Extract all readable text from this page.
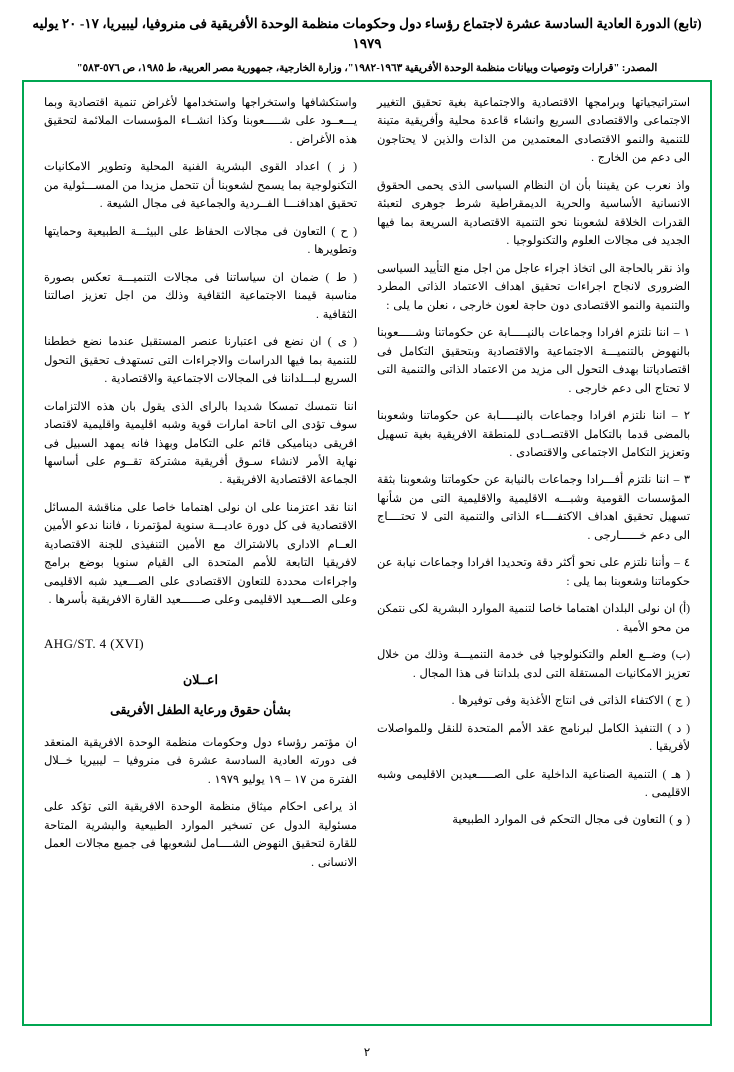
(تابع) الدورة العادية السادسة عشرة لاجتماع رؤساء دول وحكومات منظمة الوحدة الأفريقية فى منروفيا، ليبيريا، ١٧- ٢٠ يوليه ١٩٧٩
المصدر: "قرارات وتوصيات وبيانات منظمة الوحدة الأفريقية ١٩٦٣-١٩٨٢"، وزارة الخارجية، جمهورية مصر العربية، ط ١٩٨٥، ص ٥٧٦-٥٨٣"

استراتيجياتها وبرامجها الاقتصادية والاجتماعية بغية تحقيق التغيير الاجتماعى والاقتصادى السريع وانشاء قاعدة محلية وأفريقية متينة للتنمية والنمو الاقتصادى المعتمدين من الذات والذين لا يحتاجون الى دعم من الخارج .

واذ نعرب عن يقيننا بأن ان النظام السياسى الذى يحمى الحقوق الانسانية الأساسية والحرية الديمقراطية شرط جوهرى لتعبئة القدرات الخلاقة لشعوبنا نحو التنمية الاقتصادية السريعة بما فيها الجديد فى مجالات العلوم والتكنولوجيا .

واذ نقر بالحاجة الى اتخاذ اجراء عاجل من اجل منع التأييد السياسى الضرورى لانجاح اجراءات تحقيق اهداف الاعتماد الذاتى المطرد والتنمية والنمو الاقتصادى دون حاجة لعون خارجى ، نعلن ما يلى :

١ – اننا نلتزم افرادا وجماعات بالنيـــــابة عن حكوماتنا وشـــــعوبنا بالنهوض بالتنميـــة الاجتماعية والاقتصادية وبتحقيق التكامل فى اقتصادياتنا بهدف التحول الى مزيد من الاعتماد الذاتى والتنمية التى لا تحتاج الى دعم خارجى .

٢ – اننا نلتزم افرادا وجماعات بالنيـــــابة عن حكوماتنا وشعوبنا بالمضى قدما بالتكامل الاقتصــادى للمنطقة الافريقية بغية تسهيل وتعزيز التكامل الاجتماعى والاقتصادى .

٣ – اننا نلتزم أفـــرادا وجماعات بالنيابة عن حكوماتنا وشعوبنا بثقة المؤسسات القومية وشبـــه الاقليمية والاقليمية التى من شأنها تسهيل تحقيق اهداف الاكتفــــاء الذاتى والتنمية التى لا تحتــــاج الى دعم خــــــارجى .

٤ – وأننا نلتزم على نحو أكثر دقة وتحديدا افرادا وجماعات نيابة عن حكوماتنا وشعوبنا بما يلى :

(أ) ان نولى البلدان اهتماما خاصا لتنمية الموارد البشرية لكى نتمكن من محو الأمية .

(ب) وضــع العلم والتكنولوجيا فى خدمة التنميـــة وذلك من خلال تعزيز الامكانيات المستقلة التى لدى بلداننا فى هذا المجال .

( ج ) الاكتفاء الذاتى فى انتاج الأغذية وفى توفيرها .

( د ) التنفيذ الكامل لبرنامج عقد الأمم المتحدة للنقل وللمواصلات لأفريقيا .

( هـ ) التنمية الصناعية الداخلية على الصـــــعيدين الاقليمى وشبه الاقليمى .

( و ) التعاون فى مجال التحكم فى الموارد الطبيعية

واستكشافها واستخراجها واستخدامها لأغراض تنمية اقتصادية وبما يـــعــود على شـــــعوبنا وكذا انشــاء المؤسسات الملائمة لتحقيق هذه الأغراض .

( ز ) اعداد القوى البشرية الفنية المحلية وتطوير الامكانيات التكنولوجية بما يسمح لشعوبنا أن تتحمل مزيدا من المســـئولية من تحقيق اهدافنـــا الفــردية والجماعية فى مجال الشيعة .

( ح ) التعاون فى مجالات الحفاظ على البيئـــة الطبيعية وحمايتها وتطويرها .

( ط ) ضمان ان سياساتنا فى مجالات التنميـــة تعكس بصورة مناسبة قيمنا الاجتماعية الثقافية وذلك من اجل تعزيز اصالتنا الثقافية .

( ى ) ان نضع فى اعتبارنا عنصر المستقبل عندما نضع خططنا للتنمية بما فيها الدراسات والاجراءات التى تستهدف تحقيق التحول السريع لبـــلداننا فى المجالات الاجتماعية والاقتصادية .

اننا نتمسك تمسكا شديدا بالراى الذى يقول بان هذه الالتزامات سوف تؤدى الى اتاحة امارات قوية وشبه اقليمية واقليمية لاقتصاد افريقى ديناميكى قائم على التكامل وبهذا فانه يمهد السبيل فى نهاية الأمر لانشاء سـوق أفريقية مشتركة تقــوم على أساسها الجماعة الاقتصادية الافريقية .

اننا نقد اعتزمنا على ان نولى اهتماما خاصا على مناقشة المسائل الاقتصادية فى كل دورة عاديـــة سنوية لمؤتمرنا ، فاننا ندعو الأمين العــام الادارى بالاشتراك مع الأمين التنفيذى للجنة الاقتصادية لافريقيا التابعة للأمم المتحدة الى القيام سنويا بوضع برامج واجراءات محددة للتعاون الاقتصادى على الصـــعيد شبه الاقليمى وعلى الصـــعيد الاقليمى وعلى صــــــعيد القارة الافريقية بأسرها .

AHG/ST. 4 (XVI)
اعــلان
بشأن حقوق ورعاية الطفل الأفريقى

ان مؤتمر رؤساء دول وحكومات منظمة الوحدة الافريقية المنعقد فى دورته العادية السادسة عشرة فى منروفيا – ليبيريا خــلال الفترة من ١٧ – ١٩ يوليو ١٩٧٩ .

اذ يراعى احكام ميثاق منظمة الوحدة الافريقية التى تؤكد على مسئولية الدول عن تسخير الموارد الطبيعية والبشرية المتاحة للقارة لتحقيق النهوض الشــــامل لشعوبها فى جميع مجالات العمل الانسانى .

٢
